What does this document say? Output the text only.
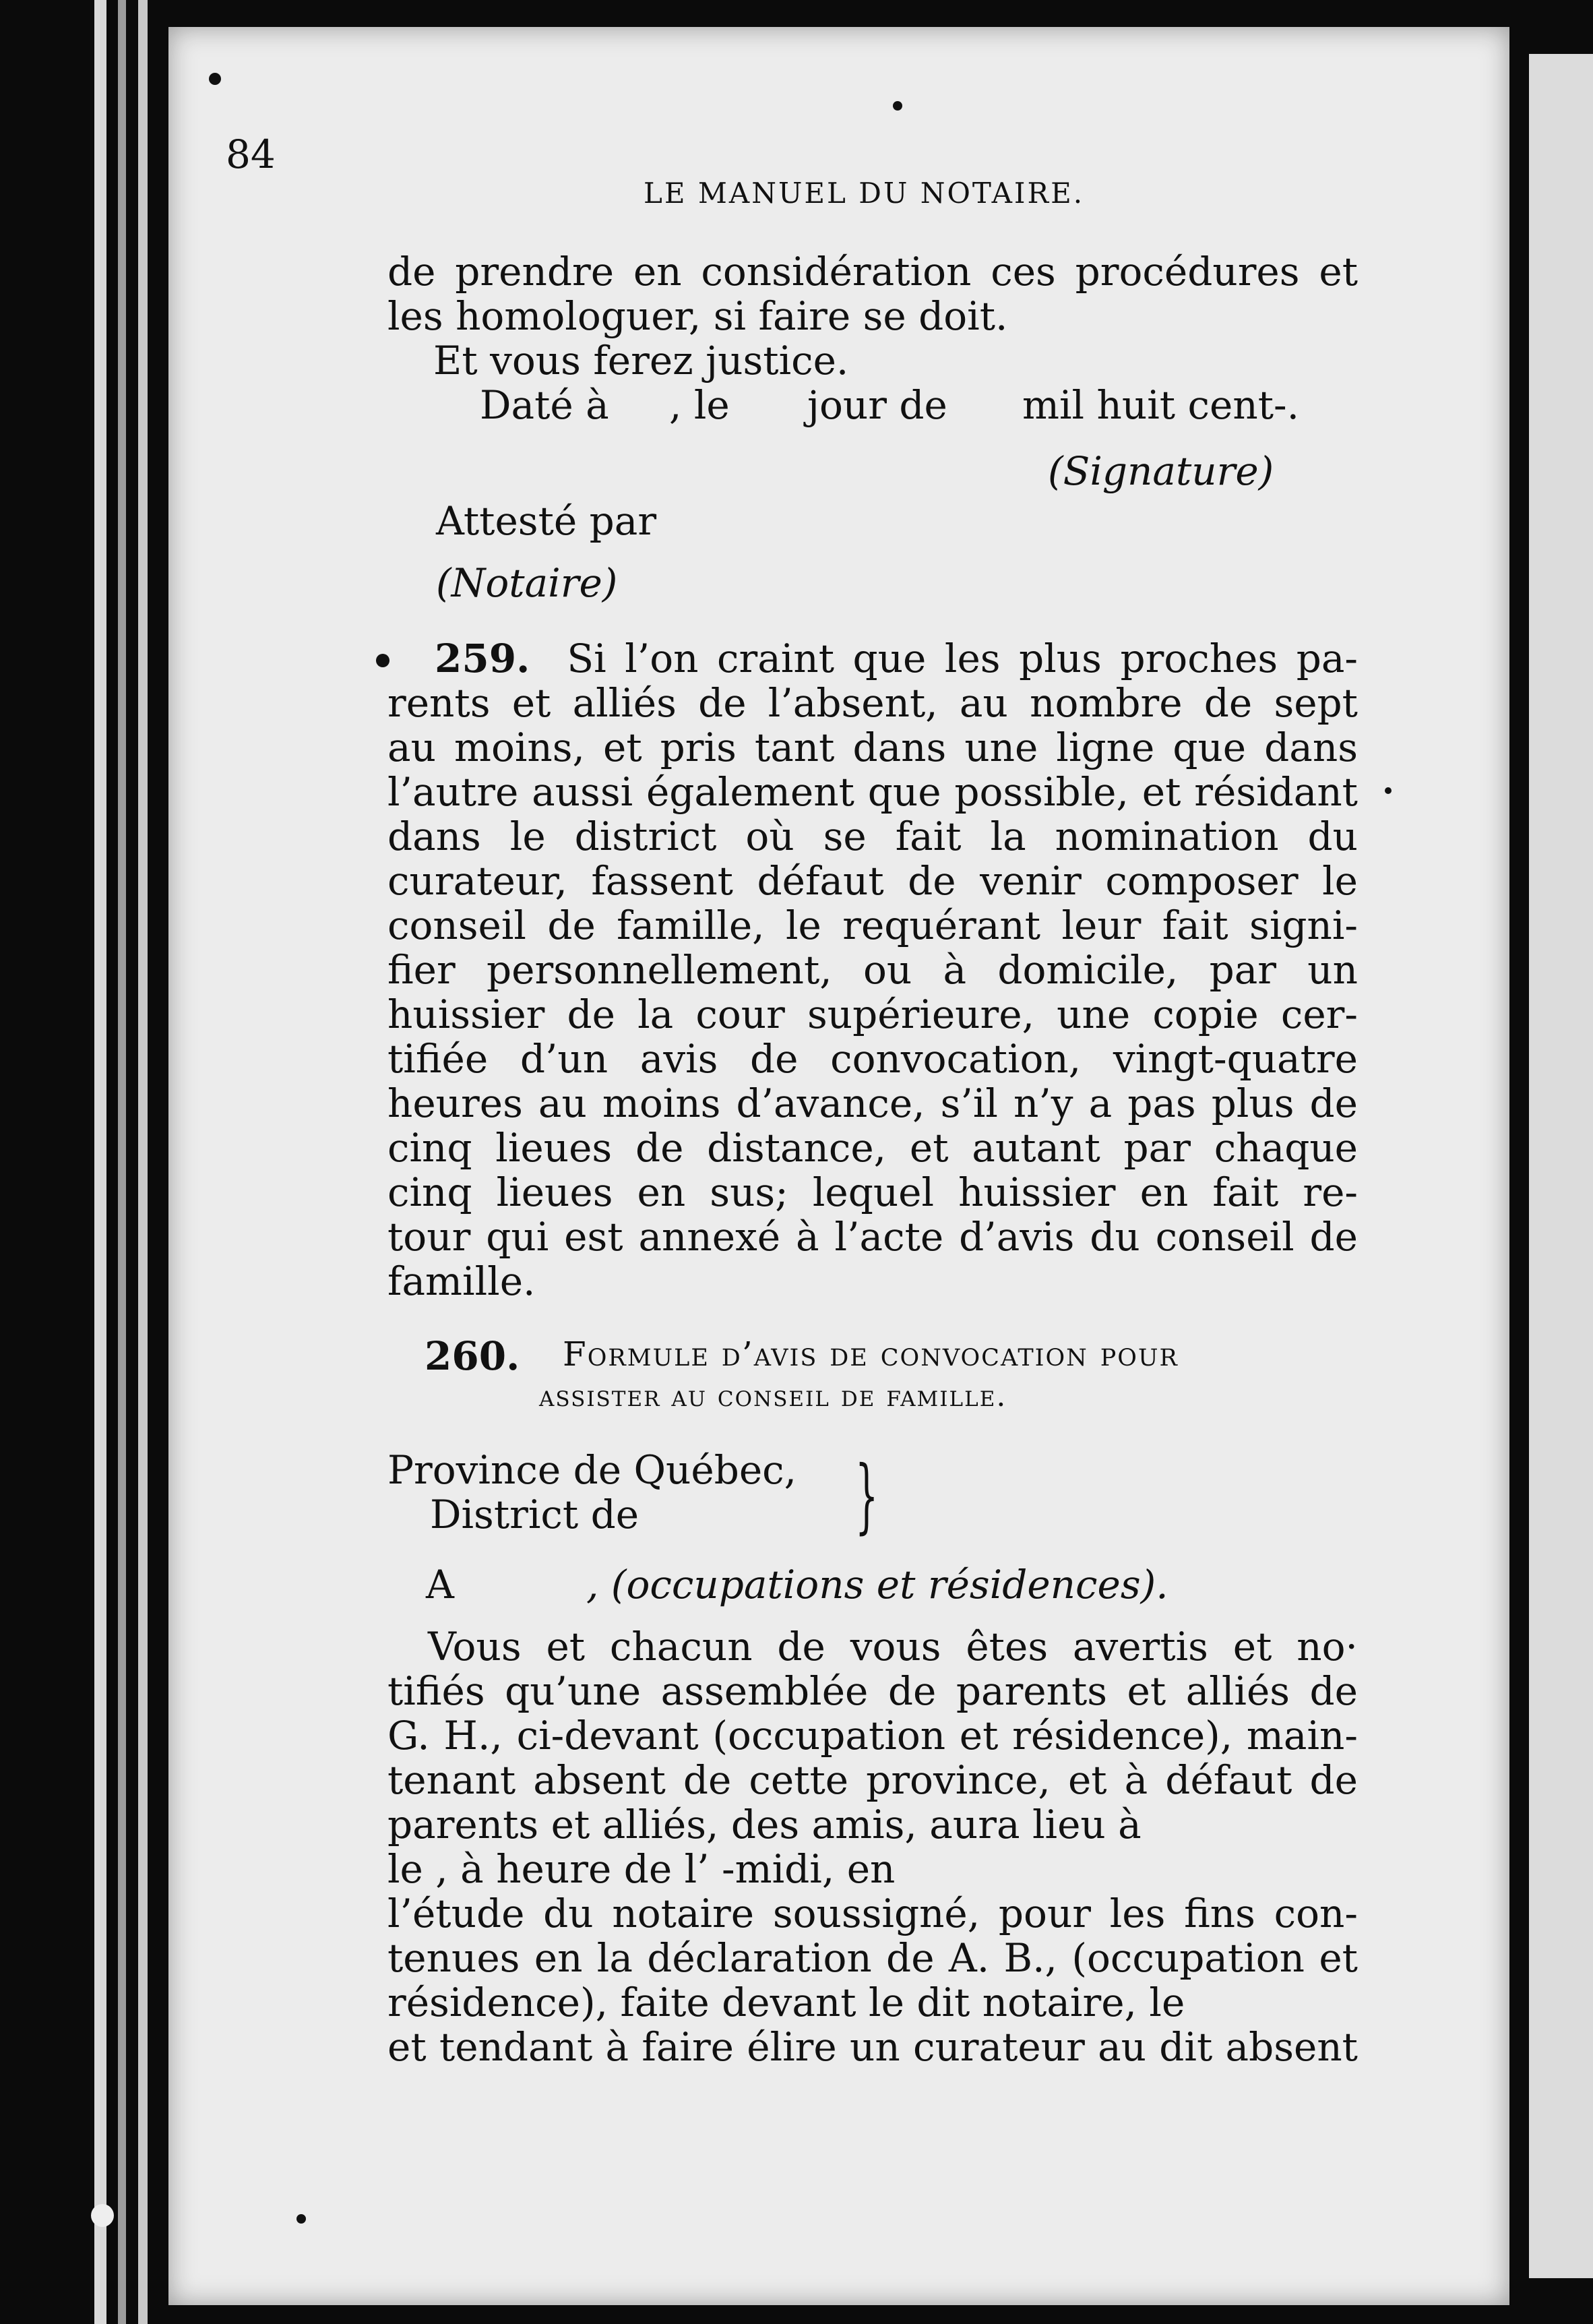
84
LE MANUEL DU NOTAIRE.

de prendre en considération ces procédures et

les homologuer, si faire se doit.

Et vous ferez justice.

Daté à , le jour de mil huit cent-.
(Signature)
Attesté par
(Notaire)

259. Si l’on craint que les plus proches pa-

rents et alliés de l’absent, au nombre de sept

au moins, et pris tant dans une ligne que dans

l’autre aussi également que possible, et résidant

dans le district où se fait la nomination du

curateur, fassent défaut de venir composer le

conseil de famille, le requérant leur fait signi-

fier personnellement, ou à domicile, par un

huissier de la cour supérieure, une copie cer-

tifiée d’un avis de convocation, vingt-quatre

heures au moins d’avance, s’il n’y a pas plus de

cinq lieues de distance, et autant par chaque

cinq lieues en sus; lequel huissier en fait re-

tour qui est annexé à l’acte d’avis du conseil de

famille.

260. Formule d’avis de convocation pour
assister au conseil de famille.
Province de Québec,
District de	}
A	, (occupations et résidences).

Vous et chacun de vous êtes avertis et no·

tifiés qu’une assemblée de parents et alliés de

G. H., ci-devant (occupation et résidence), main-

tenant absent de cette province, et à défaut de

parents et alliés, des amis, aura lieu à

le , à heure de l’ -midi, en

l’étude du notaire soussigné, pour les fins con-

tenues en la déclaration de A. B., (occupation et

résidence), faite devant le dit notaire, le

et tendant à faire élire un curateur au dit absent
